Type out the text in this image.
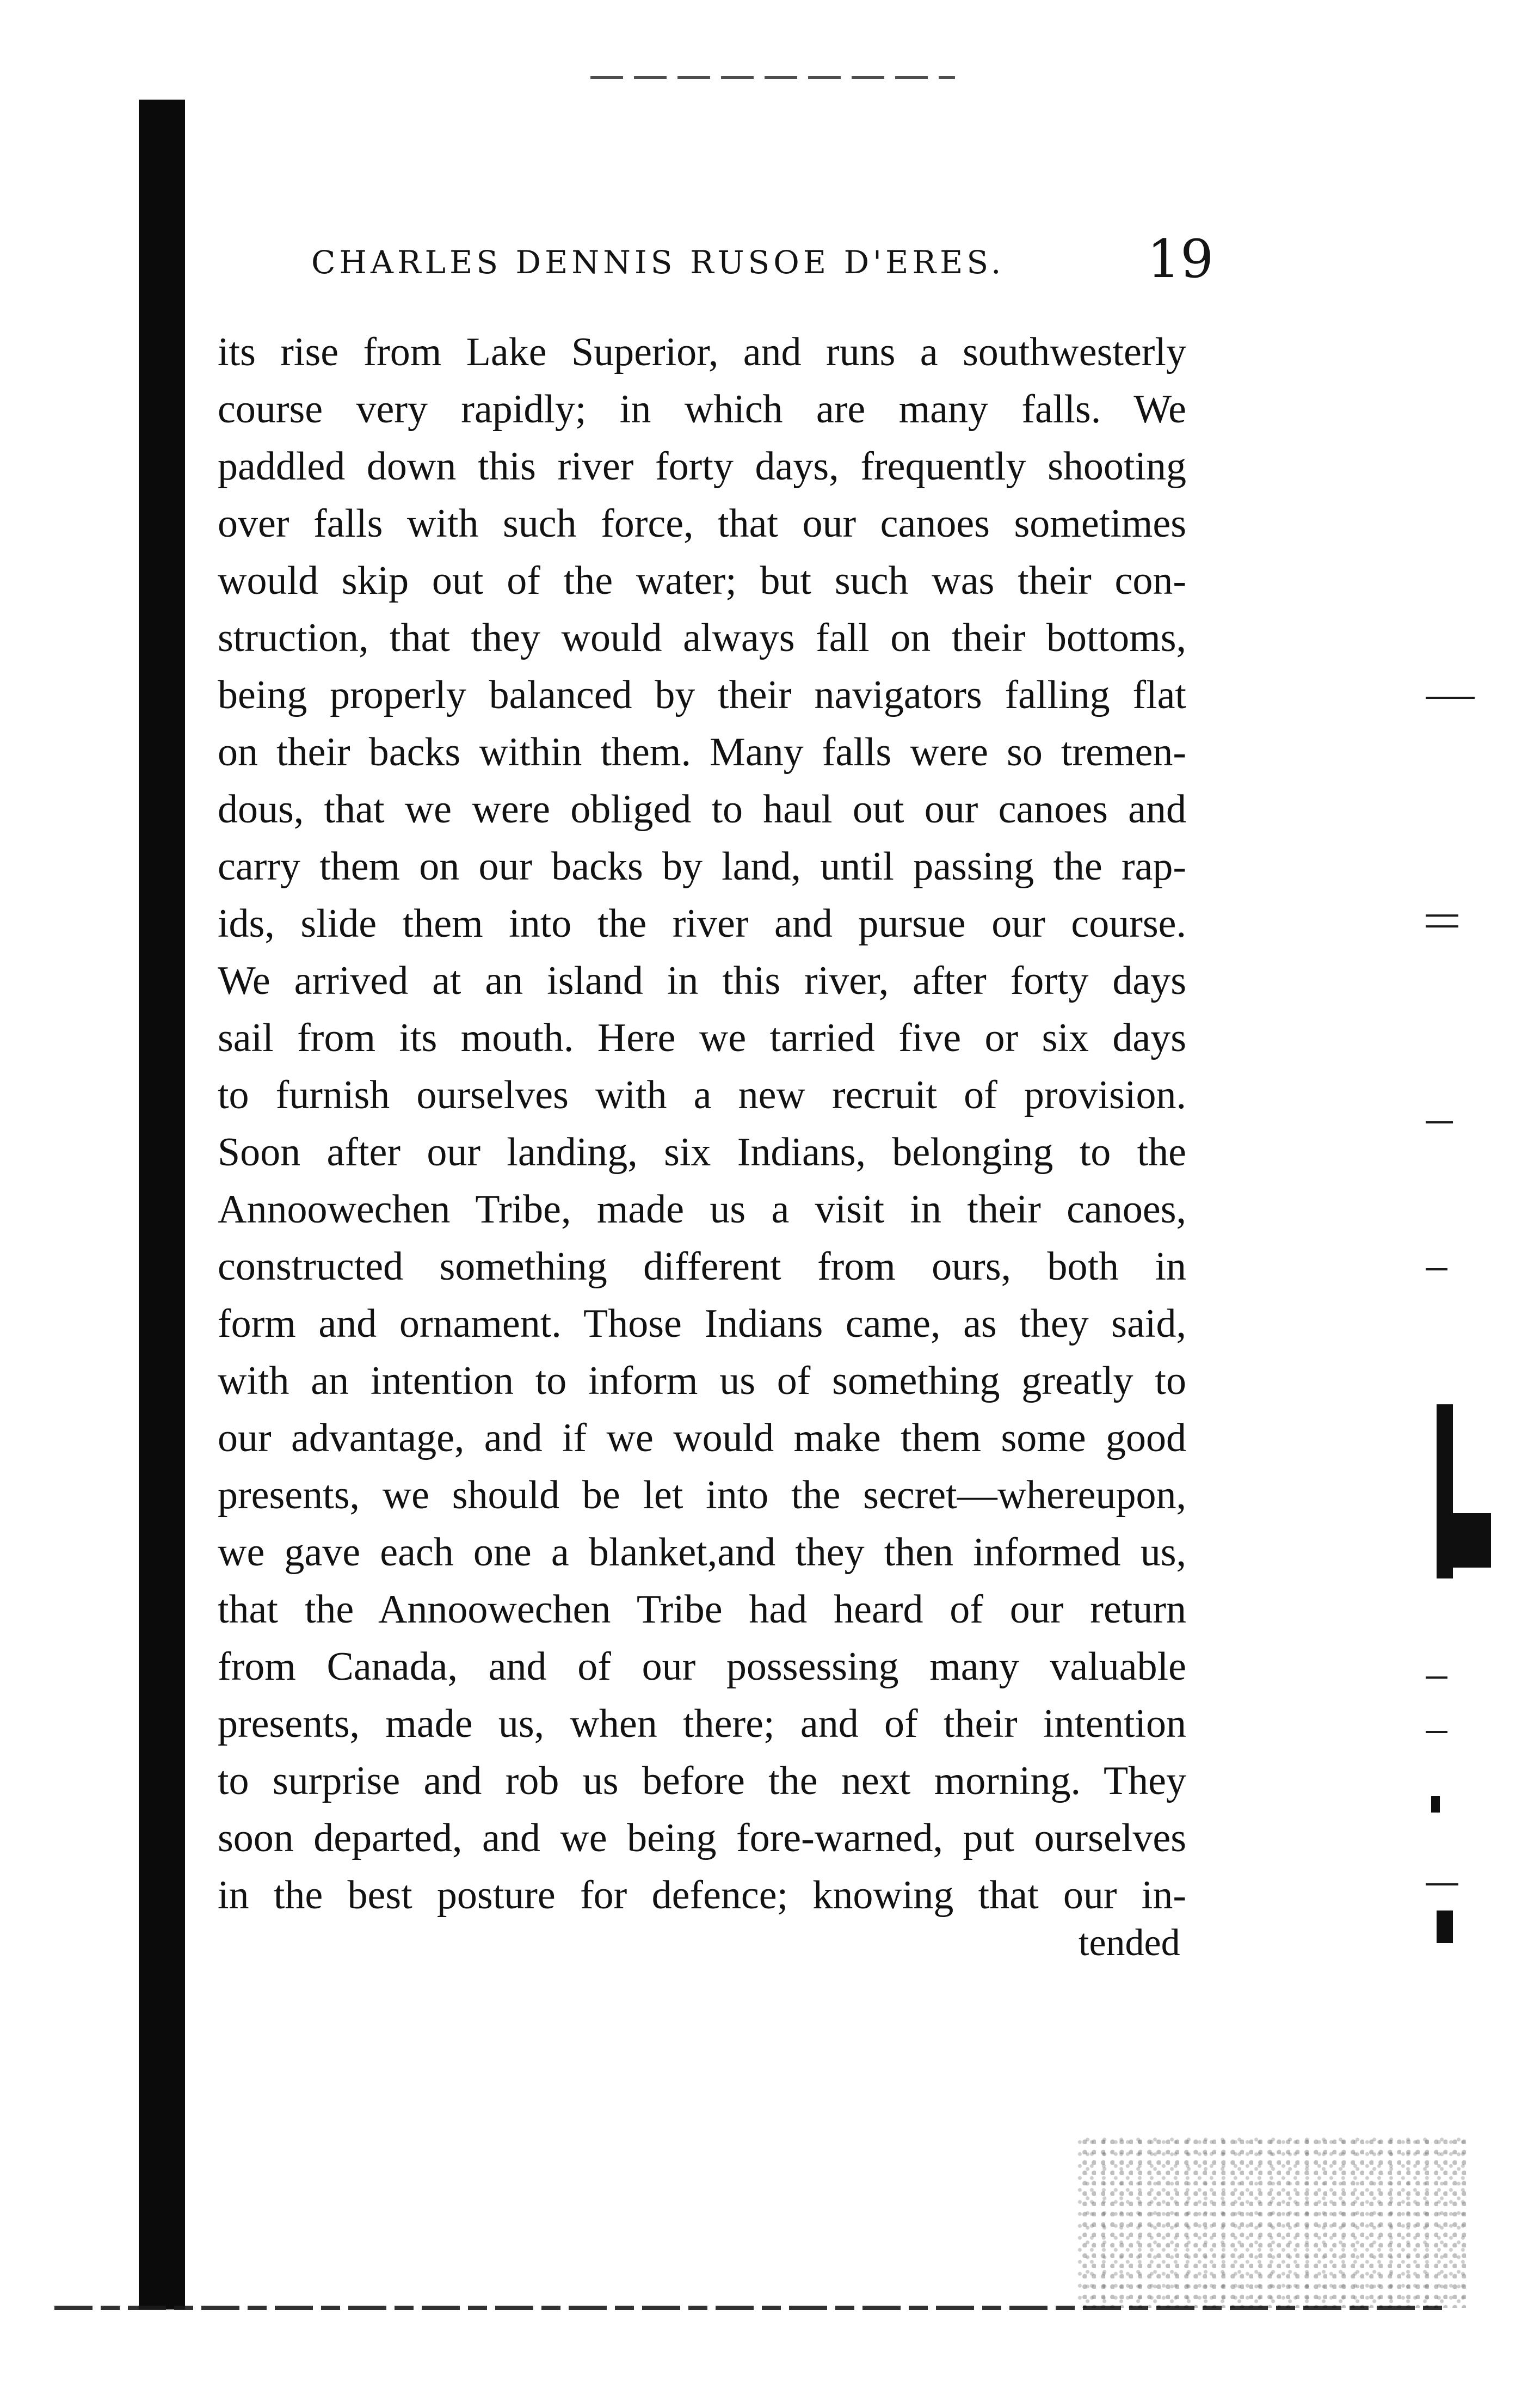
CHARLES DENNIS RUSOE D'ERES.	19
its rise from Lake Superior, and runs a southwesterly
course very rapidly; in which are many falls. We
paddled down this river forty days, frequently shooting
over falls with such force, that our canoes sometimes
would skip out of the water; but such was their con-
struction, that they would always fall on their bottoms,
being properly balanced by their navigators falling flat
on their backs within them. Many falls were so tremen-
dous, that we were obliged to haul out our canoes and
carry them on our backs by land, until passing the rap-
ids, slide them into the river and pursue our course.
We arrived at an island in this river, after forty days
sail from its mouth. Here we tarried five or six days
to furnish ourselves with a new recruit of provision.
Soon after our landing, six Indians, belonging to the
Annoowechen Tribe, made us a visit in their canoes,
constructed something different from ours, both in
form and ornament. Those Indians came, as they said,
with an intention to inform us of something greatly to
our advantage, and if we would make them some good
presents, we should be let into the secret—whereupon,
we gave each one a blanket,and they then informed us,
that the Annoowechen Tribe had heard of our return
from Canada, and of our possessing many valuable
presents, made us, when there; and of their intention
to surprise and rob us before the next morning. They
soon departed, and we being fore-warned, put ourselves
in the best posture for defence; knowing that our in-
tended
